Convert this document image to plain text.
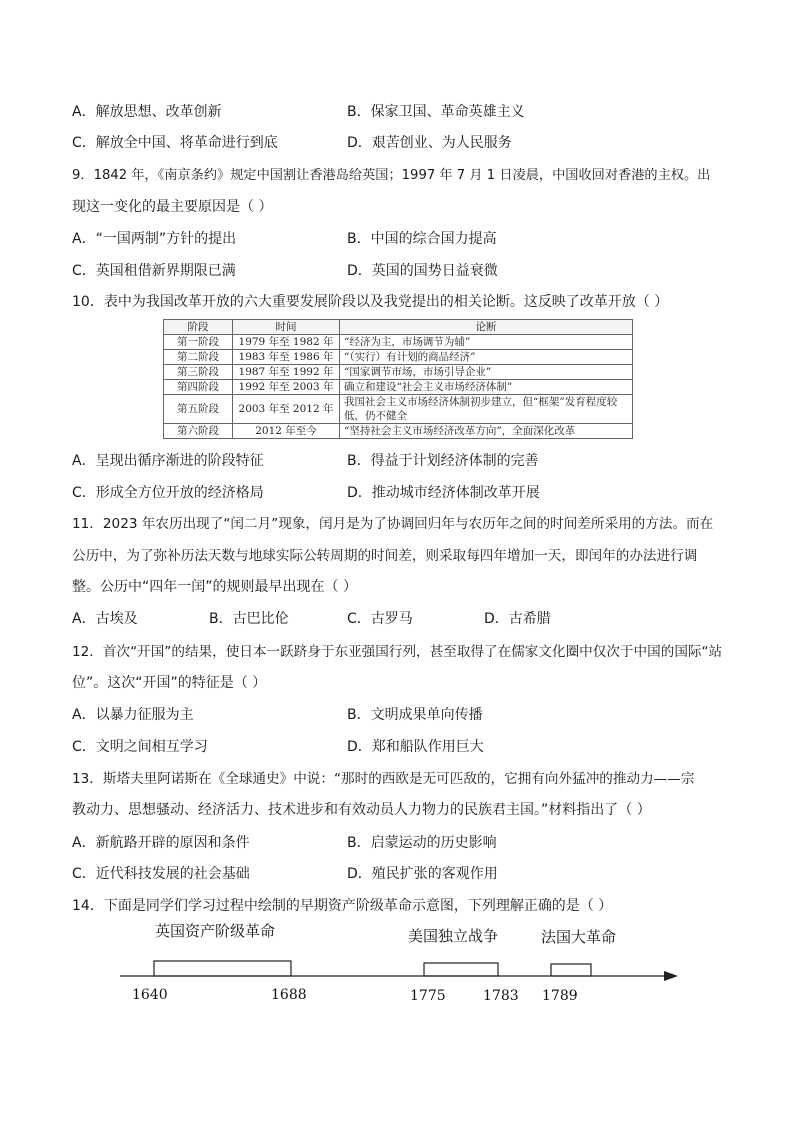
A．解放思想、改革创新	B．保家卫国、革命英雄主义
C．解放全中国、将革命进行到底	D．艰苦创业、为人民服务
9．1842 年，《南京条约》规定中国割让香港岛给英国；1997 年 7 月 1 日凌晨，中国收回对香港的主权。出
现这一变化的最主要原因是（ ）
A．“一国两制”方针的提出	B．中国的综合国力提高
C．英国租借新界期限已满	D．英国的国势日益衰微
10．表中为我国改革开放的六大重要发展阶段以及我党提出的相关论断。这反映了改革开放（ ）
阶段	时间	论断
第一阶段	1979 年至 1982 年	“经济为主，市场调节为辅”
第二阶段	1983 年至 1986 年	“（实行）有计划的商品经济”
第三阶段	1987 年至 1992 年	“国家调节市场，市场引导企业”
第四阶段	1992 年至 2003 年	确立和建设“社会主义市场经济体制”
第五阶段	2003 年至 2012 年	我国社会主义市场经济体制初步建立，但“框架”发育程度较低，仍不健全
第六阶段	2012 年至今	“坚持社会主义市场经济改革方向”，全面深化改革
A．呈现出循序渐进的阶段特征	B．得益于计划经济体制的完善
C．形成全方位开放的经济格局	D．推动城市经济体制改革开展
11．2023 年农历出现了“闰二月”现象，闰月是为了协调回归年与农历年之间的时间差所采用的方法。而在
公历中，为了弥补历法天数与地球实际公转周期的时间差，则采取每四年增加一天，即闰年的办法进行调
整。公历中“四年一闰”的规则最早出现在（ ）
A．古埃及	B．古巴比伦	C．古罗马	D．古希腊
12．首次“开国”的结果，使日本一跃跻身于东亚强国行列，甚至取得了在儒家文化圈中仅次于中国的国际“站
位”。这次“开国”的特征是（ ）
A．以暴力征服为主	B．文明成果单向传播
C．文明之间相互学习	D．郑和船队作用巨大
13．斯塔夫里阿诺斯在《全球通史》中说：“那时的西欧是无可匹敌的，它拥有向外猛冲的推动力——宗
教动力、思想骚动、经济活力、技术进步和有效动员人力物力的民族君主国。”材料指出了（ ）
A．新航路开辟的原因和条件	B．启蒙运动的历史影响
C．近代科技发展的社会基础	D．殖民扩张的客观作用
14．下面是同学们学习过程中绘制的早期资产阶级革命示意图，下列理解正确的是（ ）
英国资产阶级革命	美国独立战争	法国大革命
1640	1688	1775	1783 1789
